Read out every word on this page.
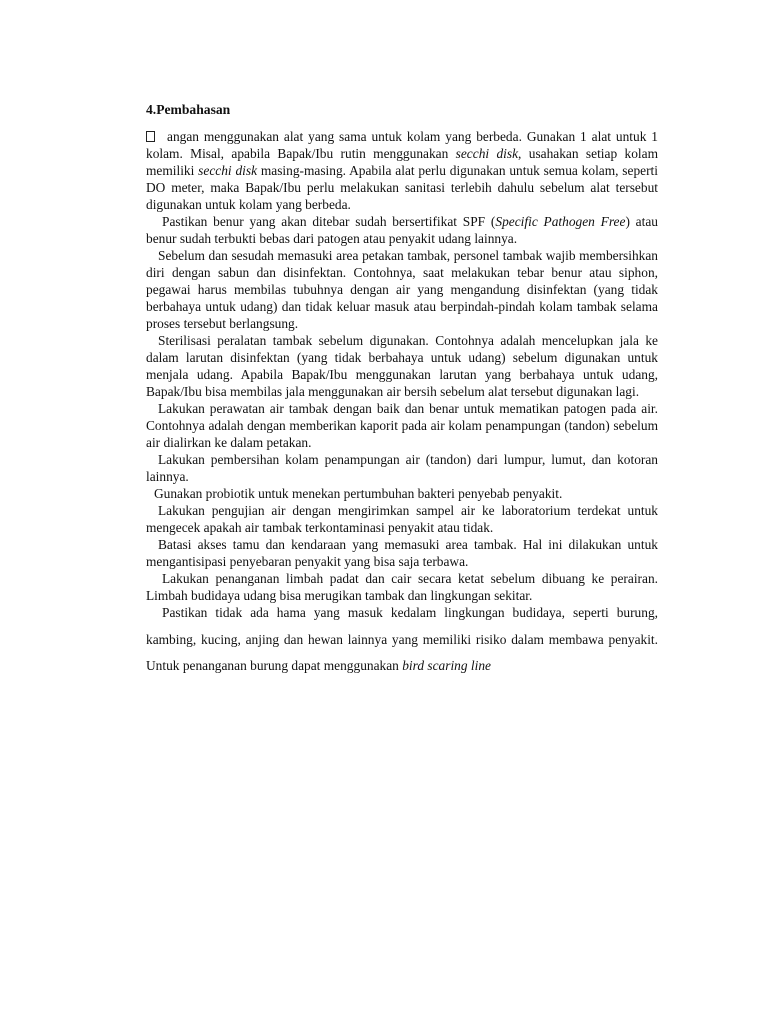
4.Pembahasan

angan menggunakan alat yang sama untuk kolam yang berbeda. Gunakan 1 alat untuk 1 kolam. Misal, apabila Bapak/Ibu rutin menggunakan secchi disk, usahakan setiap kolam memiliki secchi disk masing-masing. Apabila alat perlu digunakan untuk semua kolam, seperti DO meter, maka Bapak/Ibu perlu melakukan sanitasi terlebih dahulu sebelum alat tersebut digunakan untuk kolam yang berbeda.

Pastikan benur yang akan ditebar sudah bersertifikat SPF (Specific Pathogen Free) atau benur sudah terbukti bebas dari patogen atau penyakit udang lainnya.

Sebelum dan sesudah memasuki area petakan tambak, personel tambak wajib membersihkan diri dengan sabun dan disinfektan. Contohnya, saat melakukan tebar benur atau siphon, pegawai harus membilas tubuhnya dengan air yang mengandung disinfektan (yang tidak berbahaya untuk udang) dan tidak keluar masuk atau berpindah-pindah kolam tambak selama proses tersebut berlangsung.

Sterilisasi peralatan tambak sebelum digunakan. Contohnya adalah mencelupkan jala ke dalam larutan disinfektan (yang tidak berbahaya untuk udang) sebelum digunakan untuk menjala udang. Apabila Bapak/Ibu menggunakan larutan yang berbahaya untuk udang, Bapak/Ibu bisa membilas jala menggunakan air bersih sebelum alat tersebut digunakan lagi.

Lakukan perawatan air tambak dengan baik dan benar untuk mematikan patogen pada air. Contohnya adalah dengan memberikan kaporit pada air kolam penampungan (tandon) sebelum air dialirkan ke dalam petakan.

Lakukan pembersihan kolam penampungan air (tandon) dari lumpur, lumut, dan kotoran lainnya.

Gunakan probiotik untuk menekan pertumbuhan bakteri penyebab penyakit.

Lakukan pengujian air dengan mengirimkan sampel air ke laboratorium terdekat untuk mengecek apakah air tambak terkontaminasi penyakit atau tidak.

Batasi akses tamu dan kendaraan yang memasuki area tambak. Hal ini dilakukan untuk mengantisipasi penyebaran penyakit yang bisa saja terbawa.

Lakukan penanganan limbah padat dan cair secara ketat sebelum dibuang ke perairan. Limbah budidaya udang bisa merugikan tambak dan lingkungan sekitar.

Pastikan tidak ada hama yang masuk kedalam lingkungan budidaya, seperti burung, kambing, kucing, anjing dan hewan lainnya yang memiliki risiko dalam membawa penyakit. Untuk penanganan burung dapat menggunakan bird scaring line
